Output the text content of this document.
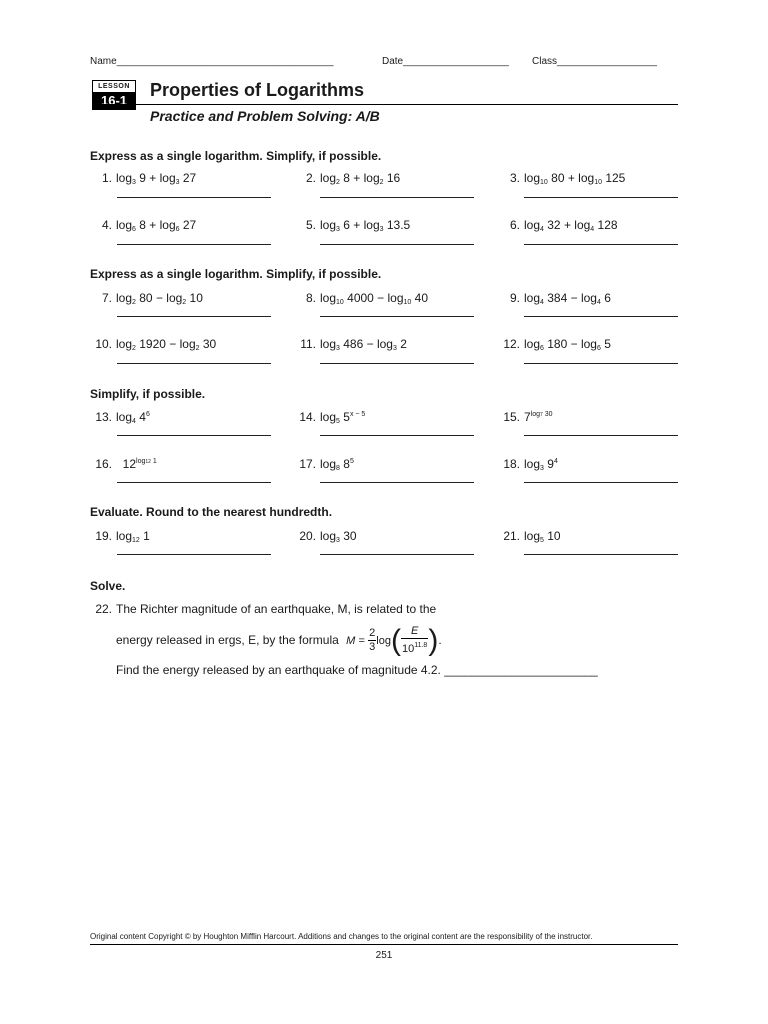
Name_______________________________________	Date___________________ Class__________________
LESSON
16-1
Properties of Logarithms
Practice and Problem Solving: A/B
Express as a single logarithm. Simplify, if possible.
1. $\log_3 9 + \log_3 27$	2. $\log_2 8 + \log_2 16$	3. $\log_{10} 80 + \log_{10} 125$
4. $\log_6 8 + \log_6 27$	5. $\log_3 6 + \log_3 13.5$	6. $\log_4 32 + \log_4 128$
Express as a single logarithm. Simplify, if possible.
7. $\log_2 80 - \log_2 10$	8. $\log_{10} 4000 - \log_{10} 40$	9. $\log_4 384 - \log_4 6$
10. $\log_2 1920 - \log_2 30$	11. $\log_3 486 - \log_3 2$	12. $\log_6 180 - \log_6 5$
Simplify, if possible.
13. $\log_4 4^6$	14. $\log_5 5^{x - 5}$	15. $7^{log7 30}$
16. $12^{log12 1}$	17. $\log_8 8^5$	18. $\log_3 9^4$
Evaluate. Round to the nearest hundredth.
19. $\log_{12} 1$	20. $\log_3 30$	21. $\log_5 10$
Solve.
22. The Richter magnitude of an earthquake, M, is related to the
energy released in ergs, E, by the formula $M = \frac{2}{3} \log( \frac{E}{10^{11.8}}$ ).
Find the energy released by an earthquake of magnitude 4.2. _______________________
Original content Copyright © by Houghton Mifflin Harcourt. Additions and changes to the original content are the responsibility of the instructor.
251
